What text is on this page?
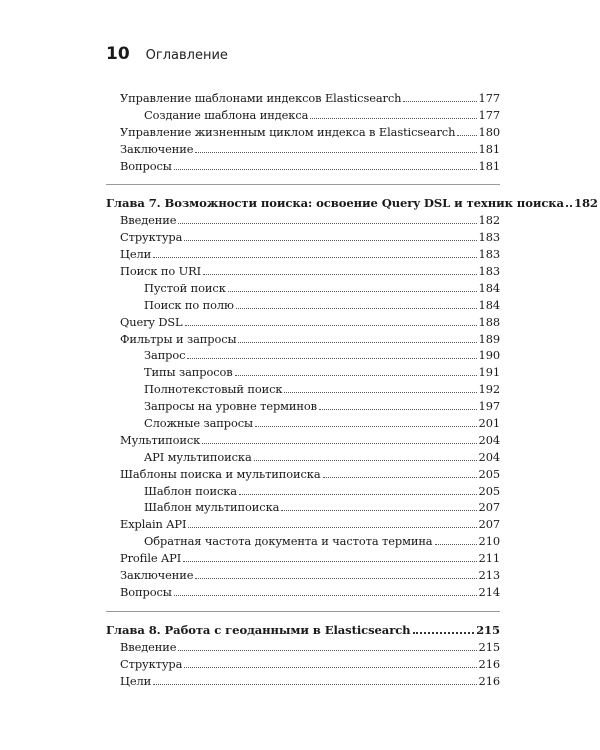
10 Оглавление
Управление шаблонами индексов Elasticsearch	177
Создание шаблона индекса	177
Управление жизненным циклом индекса в Elasticsearch 180
Заключение	181
Вопросы	181
Глава 7. Возможности поиска: освоение Query DSL и техник поиска 182
Введение	182
Структура	183
Цели	183
Поиск по URI	183
Пустой поиск	184
Поиск по полю	184
Query DSL	188
Фильтры и запросы	189
Запрос	190
Типы запросов	191
Полнотекстовый поиск	192
Запросы на уровне терминов	197
Сложные запросы	201
Мультипоиск	204
API мультипоиска	204
Шаблоны поиска и мультипоиска	205
Шаблон поиска	205
Шаблон мультипоиска	207
Explain API	207
Обратная частота документа и частота термина	210
Profile API	211
Заключение	213
Вопросы	214
Глава 8. Работа с геоданными в Elasticsearch	215
Введение	215
Структура	216
Цели	216
